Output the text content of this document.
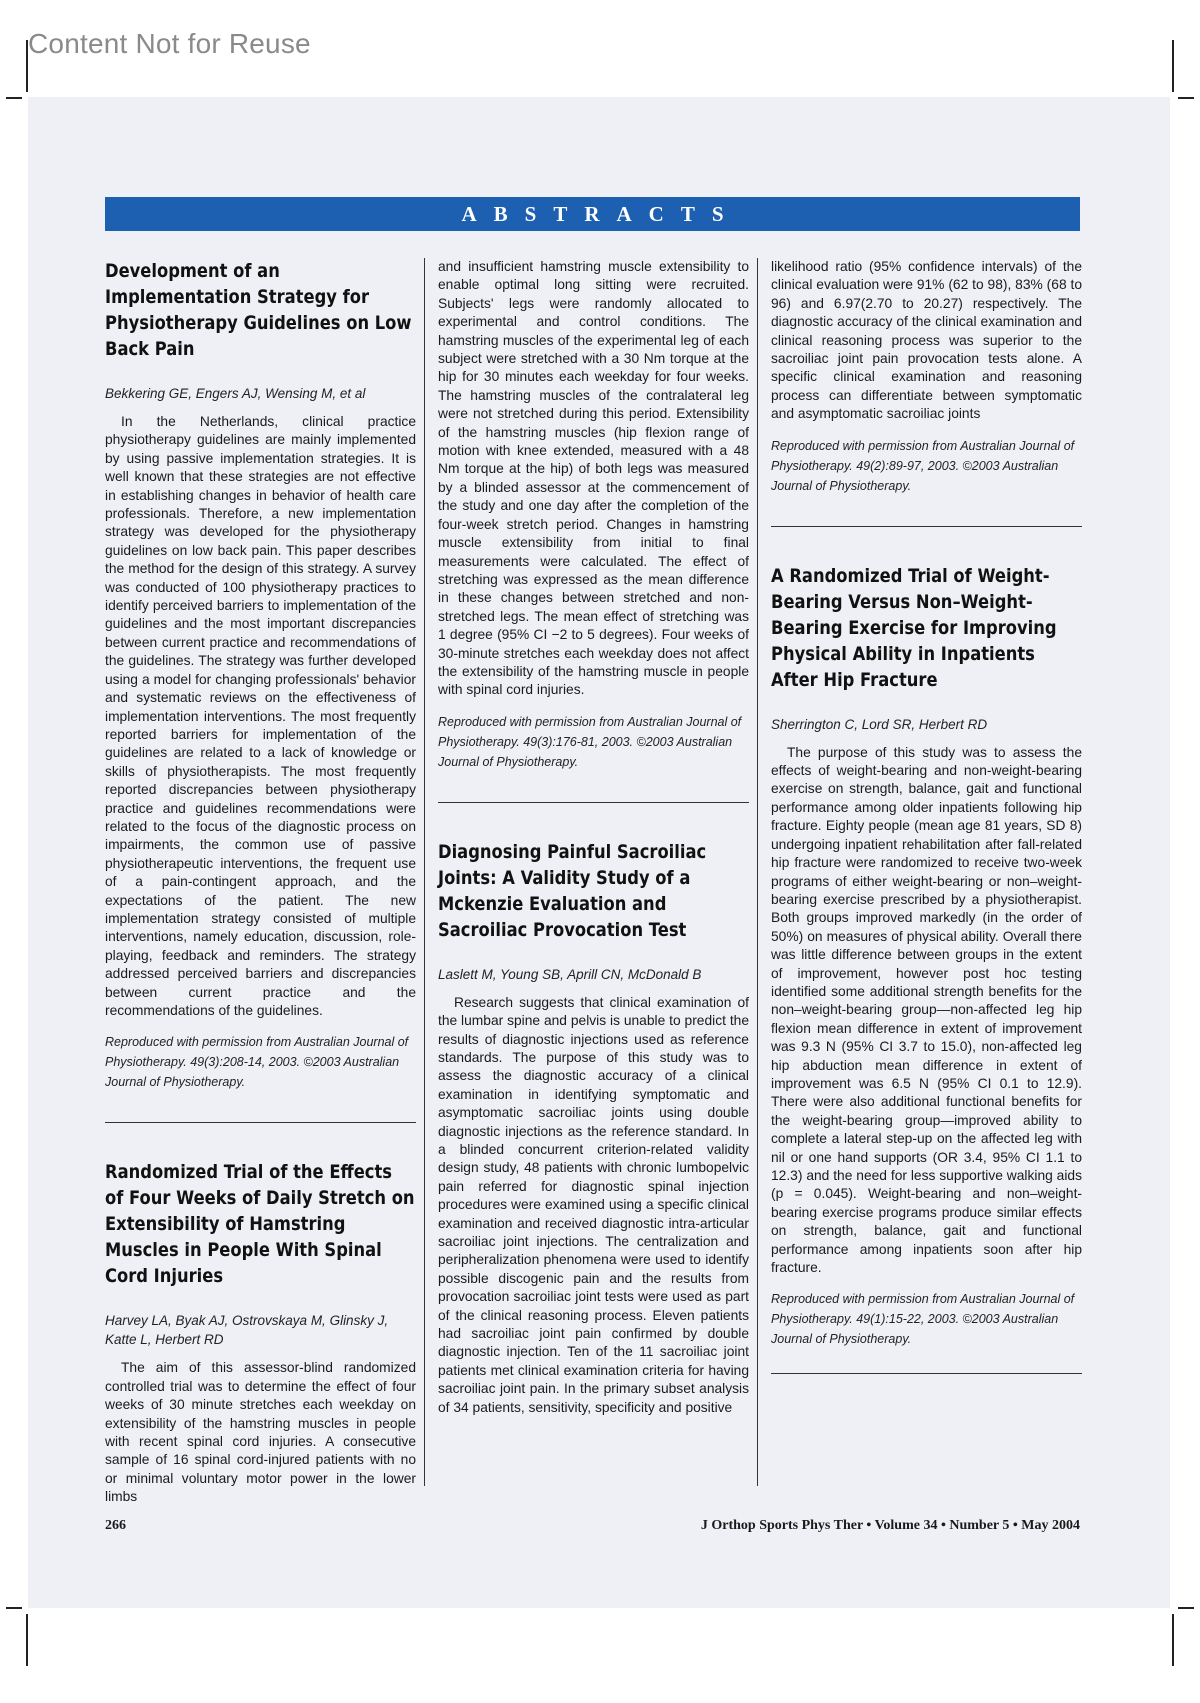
Content Not for Reuse
ABSTRACTS
Development of an Implementation Strategy for Physiotherapy Guidelines on Low Back Pain
Bekkering GE, Engers AJ, Wensing M, et al

In the Netherlands, clinical practice physiotherapy guidelines are mainly implemented by using passive implementation strategies. It is well known that these strategies are not effective in establishing changes in behavior of health care professionals. Therefore, a new implementation strategy was developed for the physiotherapy guidelines on low back pain. This paper describes the method for the design of this strategy. A survey was conducted of 100 physiotherapy practices to identify perceived barriers to implementation of the guidelines and the most important discrepancies between current practice and recommendations of the guidelines. The strategy was further developed using a model for changing professionals' behavior and systematic reviews on the effectiveness of implementation interventions. The most frequently reported barriers for implementation of the guidelines are related to a lack of knowledge or skills of physiotherapists. The most frequently reported discrepancies between physiotherapy practice and guidelines recommendations were related to the focus of the diagnostic process on impairments, the common use of passive physiotherapeutic interventions, the frequent use of a pain-contingent approach, and the expectations of the patient. The new implementation strategy consisted of multiple interventions, namely education, discussion, role-playing, feedback and reminders. The strategy addressed perceived barriers and discrepancies between current practice and the recommendations of the guidelines.

Reproduced with permission from Australian Journal of Physiotherapy. 49(3):208-14, 2003. ©2003 Australian Journal of Physiotherapy.
Randomized Trial of the Effects of Four Weeks of Daily Stretch on Extensibility of Hamstring Muscles in People With Spinal Cord Injuries
Harvey LA, Byak AJ, Ostrovskaya M, Glinsky J, Katte L, Herbert RD

The aim of this assessor-blind randomized controlled trial was to determine the effect of four weeks of 30 minute stretches each weekday on extensibility of the hamstring muscles in people with recent spinal cord injuries. A consecutive sample of 16 spinal cord-injured patients with no or minimal voluntary motor power in the lower limbs

and insufficient hamstring muscle extensibility to enable optimal long sitting were recruited. Subjects' legs were randomly allocated to experimental and control conditions. The hamstring muscles of the experimental leg of each subject were stretched with a 30 Nm torque at the hip for 30 minutes each weekday for four weeks. The hamstring muscles of the contralateral leg were not stretched during this period. Extensibility of the hamstring muscles (hip flexion range of motion with knee extended, measured with a 48 Nm torque at the hip) of both legs was measured by a blinded assessor at the commencement of the study and one day after the completion of the four-week stretch period. Changes in hamstring muscle extensibility from initial to final measurements were calculated. The effect of stretching was expressed as the mean difference in these changes between stretched and non-stretched legs. The mean effect of stretching was 1 degree (95% CI −2 to 5 degrees). Four weeks of 30-minute stretches each weekday does not affect the extensibility of the hamstring muscle in people with spinal cord injuries.

Reproduced with permission from Australian Journal of Physiotherapy. 49(3):176-81, 2003. ©2003 Australian Journal of Physiotherapy.
Diagnosing Painful Sacroiliac Joints: A Validity Study of a Mckenzie Evaluation and Sacroiliac Provocation Test
Laslett M, Young SB, Aprill CN, McDonald B

Research suggests that clinical examination of the lumbar spine and pelvis is unable to predict the results of diagnostic injections used as reference standards. The purpose of this study was to assess the diagnostic accuracy of a clinical examination in identifying symptomatic and asymptomatic sacroiliac joints using double diagnostic injections as the reference standard. In a blinded concurrent criterion-related validity design study, 48 patients with chronic lumbopelvic pain referred for diagnostic spinal injection procedures were examined using a specific clinical examination and received diagnostic intra-articular sacroiliac joint injections. The centralization and peripheralization phenomena were used to identify possible discogenic pain and the results from provocation sacroiliac joint tests were used as part of the clinical reasoning process. Eleven patients had sacroiliac joint pain confirmed by double diagnostic injection. Ten of the 11 sacroiliac joint patients met clinical examination criteria for having sacroiliac joint pain. In the primary subset analysis of 34 patients, sensitivity, specificity and positive

likelihood ratio (95% confidence intervals) of the clinical evaluation were 91% (62 to 98), 83% (68 to 96) and 6.97(2.70 to 20.27) respectively. The diagnostic accuracy of the clinical examination and clinical reasoning process was superior to the sacroiliac joint pain provocation tests alone. A specific clinical examination and reasoning process can differentiate between symptomatic and asymptomatic sacroiliac joints

Reproduced with permission from Australian Journal of Physiotherapy. 49(2):89-97, 2003. ©2003 Australian Journal of Physiotherapy.
A Randomized Trial of Weight-Bearing Versus Non–Weight-Bearing Exercise for Improving Physical Ability in Inpatients After Hip Fracture
Sherrington C, Lord SR, Herbert RD

The purpose of this study was to assess the effects of weight-bearing and non-weight-bearing exercise on strength, balance, gait and functional performance among older inpatients following hip fracture. Eighty people (mean age 81 years, SD 8) undergoing inpatient rehabilitation after fall-related hip fracture were randomized to receive two-week programs of either weight-bearing or non–weight-bearing exercise prescribed by a physiotherapist. Both groups improved markedly (in the order of 50%) on measures of physical ability. Overall there was little difference between groups in the extent of improvement, however post hoc testing identified some additional strength benefits for the non–weight-bearing group—non-affected leg hip flexion mean difference in extent of improvement was 9.3 N (95% CI 3.7 to 15.0), non-affected leg hip abduction mean difference in extent of improvement was 6.5 N (95% CI 0.1 to 12.9). There were also additional functional benefits for the weight-bearing group—improved ability to complete a lateral step-up on the affected leg with nil or one hand supports (OR 3.4, 95% CI 1.1 to 12.3) and the need for less supportive walking aids (p = 0.045). Weight-bearing and non–weight-bearing exercise programs produce similar effects on strength, balance, gait and functional performance among inpatients soon after hip fracture.

Reproduced with permission from Australian Journal of Physiotherapy. 49(1):15-22, 2003. ©2003 Australian Journal of Physiotherapy.
266	J Orthop Sports Phys Ther • Volume 34 • Number 5 • May 2004
